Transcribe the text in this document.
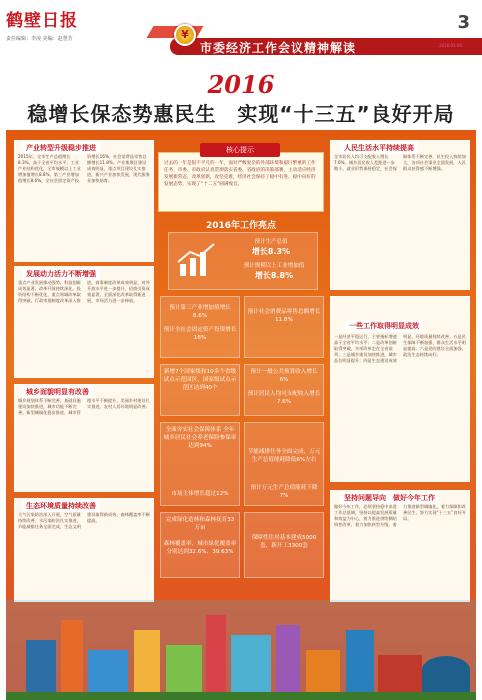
鹤壁日报
责任编辑：李凌 美编：赵慧芳
3
¥
市委经济工作会议精神解读	2016.01.06
2016
稳增长保态势惠民生　实现“十三五”良好开局
产业转型升级稳步推进
2015年，全市生产总值增长8.3%，高于全省平均水平；工业产业结构优化，全市规模以上工业增加值增长8.8%，第三产业增加值增长8.6%，全社会固定资产投资增长16%，社会消费品零售总额增长11.8%。产业集聚区建设成效明显，重点项目建设扎实推进，新兴产业加快发展，现代服务业加快培育。
发展动力活力不断增强
重点产业发展推动强势，科技创新成效显著，改革开放持续深化。投资结构不断优化，重点领域改革取得突破，行政审批制度改革深入推进，商事制度改革成效明显，对外开放水平进一步提升，招商引资成效显著，全面深化改革取得新进展，市场活力进一步释放。
城乡面貌明显有改善
城乡规划体系不断完善，基础设施建设加快推进，城市功能不断完善，新型城镇化稳步推进，城市管理水平不断提升，美丽乡村建设扎实推进，农村人居环境明显改善。
生态环境质量持续改善
大气污染防治深入开展，空气质量持续改善，水污染防治扎实推进，节能减排任务全面完成，生态文明建设取得新成效，森林覆盖率不断提高。
人民生活水平持续提高
全市居民人均可支配收入增长7.6%，城乡居民收入差距进一步缩小，就业形势保持稳定，社会保障体系不断完善，民生投入持续加大，各项社会事业全面发展，人民群众获得感不断增强。
一些工作取得明显成效
一是经济平稳运行，主要指标增速高于全省平均水平；二是改革创新取得突破，多项改革走在全省前列；三是城乡建设加快推进，城市品位明显提升；四是生态建设成效明显，环境质量持续改善；五是民生保障不断加强，群众生活水平明显提高；六是党的建设全面加强，政治生态持续向好。
坚持问题导向　做好今年工作
做好今年工作，必须坚持稳中求进工作总基调，坚持以提高发展质量和效益为中心，着力推进供给侧结构性改革，着力加快转型升级，着力推进新型城镇化，着力保障和改善民生，努力实现“十三五”良好开局。
核心提示
过去的一年是很不平凡的一年，面对严峻复杂的外部环境和艰巨繁重的工作任务，市委、市政府认真贯彻落实省委、省政府的决策部署，主动适应经济发展新常态，改革创新，攻坚克难，经济社会保持了稳中有进、稳中向好的发展态势，实现了“十二五”圆满收官。
2016年工作亮点
预计生产总值
增长8.3%
预计规模以上工业增加值
增长8.8%
预计第三产业增加值增长8.6%
预计全社会固定资产投资增长16%
预计社会消费品零售总额增长11.8%
新增7个国家级和10多个省级试点示范园区，国家级试点示范区达到40个
预计一般公共预算收入增长6%
预计居民人均可支配收入增长7.6%
全面夯实社会保障体系 全年城乡居民社会养老保险参保率达到94%
市场主体增长超过12%
节能减排任务全面完成，万元生产总值能耗降低6%左右
预计万元生产总值能耗下降7%
完成绿化造林和森林抚育33万亩
森林覆盖率、城市绿化覆盖率分别达到32.6%、39.63%
保障性住房基本建成5000套，新开工3300套
